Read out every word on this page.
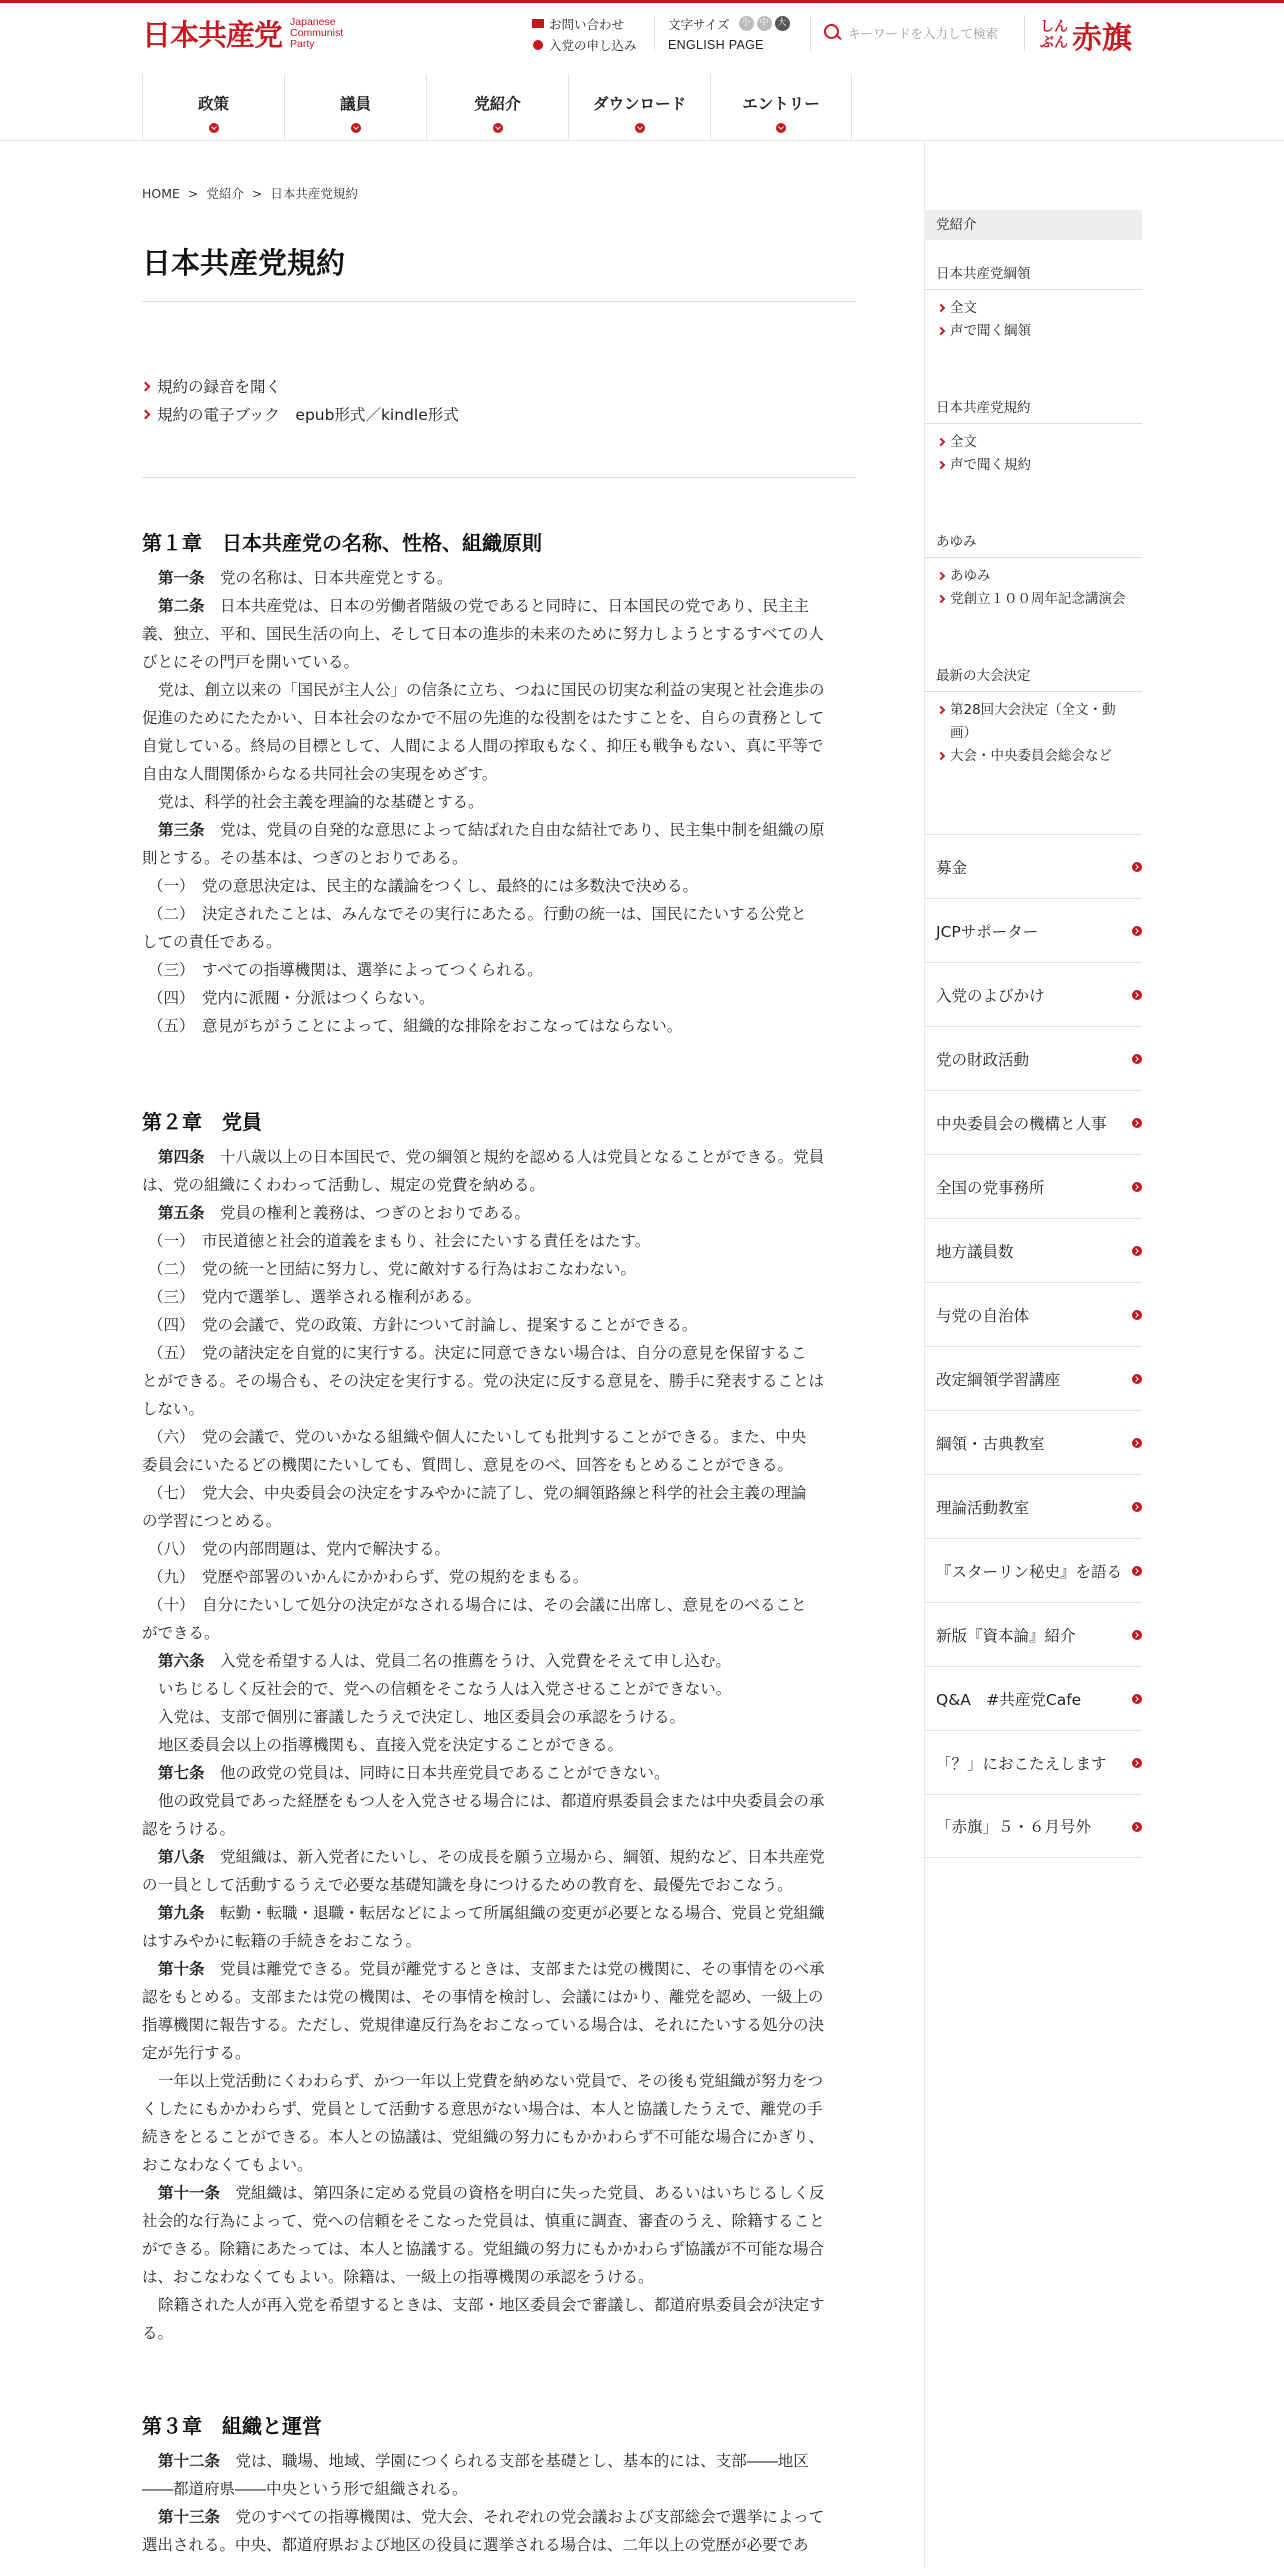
日本共産党 Japanese
Communist
Party
お問い合わせ
入党の申し込み
文字サイズ	小 中 大
ENGLISH PAGE
キーワードを入力して検索
しん
ぶん 赤旗
政策	議員	党紹介	ダウンロード	エントリー
HOME > 党紹介 > 日本共産党規約
日本共産党規約
規約の録音を聞く
規約の電子ブック　epub形式／kindle形式
第１章　日本共産党の名称、性格、組織原則

第一条　党の名称は、日本共産党とする。

第二条　日本共産党は、日本の労働者階級の党であると同時に、日本国民の党であり、民主主
義、独立、平和、国民生活の向上、そして日本の進歩的未来のために努力しようとするすべての人
びとにその門戸を開いている。

党は、創立以来の「国民が主人公」の信条に立ち、つねに国民の切実な利益の実現と社会進歩の
促進のためにたたかい、日本社会のなかで不屈の先進的な役割をはたすことを、自らの責務として
自覚している。終局の目標として、人間による人間の搾取もなく、抑圧も戦争もない、真に平等で
自由な人間関係からなる共同社会の実現をめざす。

党は、科学的社会主義を理論的な基礎とする。

第三条　党は、党員の自発的な意思によって結ばれた自由な結社であり、民主集中制を組織の原
則とする。その基本は、つぎのとおりである。

（一） 党の意思決定は、民主的な議論をつくし、最終的には多数決で決める。

（二） 決定されたことは、みんなでその実行にあたる。行動の統一は、国民にたいする公党と
しての責任である。

（三） すべての指導機関は、選挙によってつくられる。

（四） 党内に派閥・分派はつくらない。

（五） 意見がちがうことによって、組織的な排除をおこなってはならない。

第２章　党員

第四条　十八歳以上の日本国民で、党の綱領と規約を認める人は党員となることができる。党員
は、党の組織にくわわって活動し、規定の党費を納める。

第五条　党員の権利と義務は、つぎのとおりである。

（一） 市民道徳と社会的道義をまもり、社会にたいする責任をはたす。

（二） 党の統一と団結に努力し、党に敵対する行為はおこなわない。

（三） 党内で選挙し、選挙される権利がある。

（四） 党の会議で、党の政策、方針について討論し、提案することができる。

（五） 党の諸決定を自覚的に実行する。決定に同意できない場合は、自分の意見を保留するこ
とができる。その場合も、その決定を実行する。党の決定に反する意見を、勝手に発表することは
しない。

（六） 党の会議で、党のいかなる組織や個人にたいしても批判することができる。また、中央
委員会にいたるどの機関にたいしても、質問し、意見をのべ、回答をもとめることができる。

（七） 党大会、中央委員会の決定をすみやかに読了し、党の綱領路線と科学的社会主義の理論
の学習につとめる。

（八） 党の内部問題は、党内で解決する。

（九） 党歴や部署のいかんにかかわらず、党の規約をまもる。

（十） 自分にたいして処分の決定がなされる場合には、その会議に出席し、意見をのべること
ができる。

第六条　入党を希望する人は、党員二名の推薦をうけ、入党費をそえて申し込む。

いちじるしく反社会的で、党への信頼をそこなう人は入党させることができない。

入党は、支部で個別に審議したうえで決定し、地区委員会の承認をうける。

地区委員会以上の指導機関も、直接入党を決定することができる。

第七条　他の政党の党員は、同時に日本共産党員であることができない。

他の政党員であった経歴をもつ人を入党させる場合には、都道府県委員会または中央委員会の承
認をうける。

第八条　党組織は、新入党者にたいし、その成長を願う立場から、綱領、規約など、日本共産党
の一員として活動するうえで必要な基礎知識を身につけるための教育を、最優先でおこなう。

第九条　転勤・転職・退職・転居などによって所属組織の変更が必要となる場合、党員と党組織
はすみやかに転籍の手続きをおこなう。

第十条　党員は離党できる。党員が離党するときは、支部または党の機関に、その事情をのべ承
認をもとめる。支部または党の機関は、その事情を検討し、会議にはかり、離党を認め、一級上の
指導機関に報告する。ただし、党規律違反行為をおこなっている場合は、それにたいする処分の決
定が先行する。

一年以上党活動にくわわらず、かつ一年以上党費を納めない党員で、その後も党組織が努力をつ
くしたにもかかわらず、党員として活動する意思がない場合は、本人と協議したうえで、離党の手
続きをとることができる。本人との協議は、党組織の努力にもかかわらず不可能な場合にかぎり、
おこなわなくてもよい。

第十一条　党組織は、第四条に定める党員の資格を明白に失った党員、あるいはいちじるしく反
社会的な行為によって、党への信頼をそこなった党員は、慎重に調査、審査のうえ、除籍すること
ができる。除籍にあたっては、本人と協議する。党組織の努力にもかかわらず協議が不可能な場合
は、おこなわなくてもよい。除籍は、一級上の指導機関の承認をうける。

除籍された人が再入党を希望するときは、支部・地区委員会で審議し、都道府県委員会が決定す
る。

第３章　組織と運営

第十二条　党は、職場、地域、学園につくられる支部を基礎とし、基本的には、支部――地区
――都道府県――中央という形で組織される。

第十三条　党のすべての指導機関は、党大会、それぞれの党会議および支部総会で選挙によって
選出される。中央、都道府県および地区の役員に選挙される場合は、二年以上の党歴が必要であ

党紹介
日本共産党綱領
全文
声で聞く綱領
日本共産党規約
全文
声で聞く規約
あゆみ
あゆみ
党創立１００周年記念講演会
最新の大会決定
第28回大会決定（全文・動
画）
大会・中央委員会総会など
募金
JCPサポーター
入党のよびかけ
党の財政活動
中央委員会の機構と人事
全国の党事務所
地方議員数
与党の自治体
改定綱領学習講座
綱領・古典教室
理論活動教室
『スターリン秘史』を語る
新版『資本論』紹介
Q&A　#共産党Cafe
「？」におこたえします
「赤旗」５・６月号外
